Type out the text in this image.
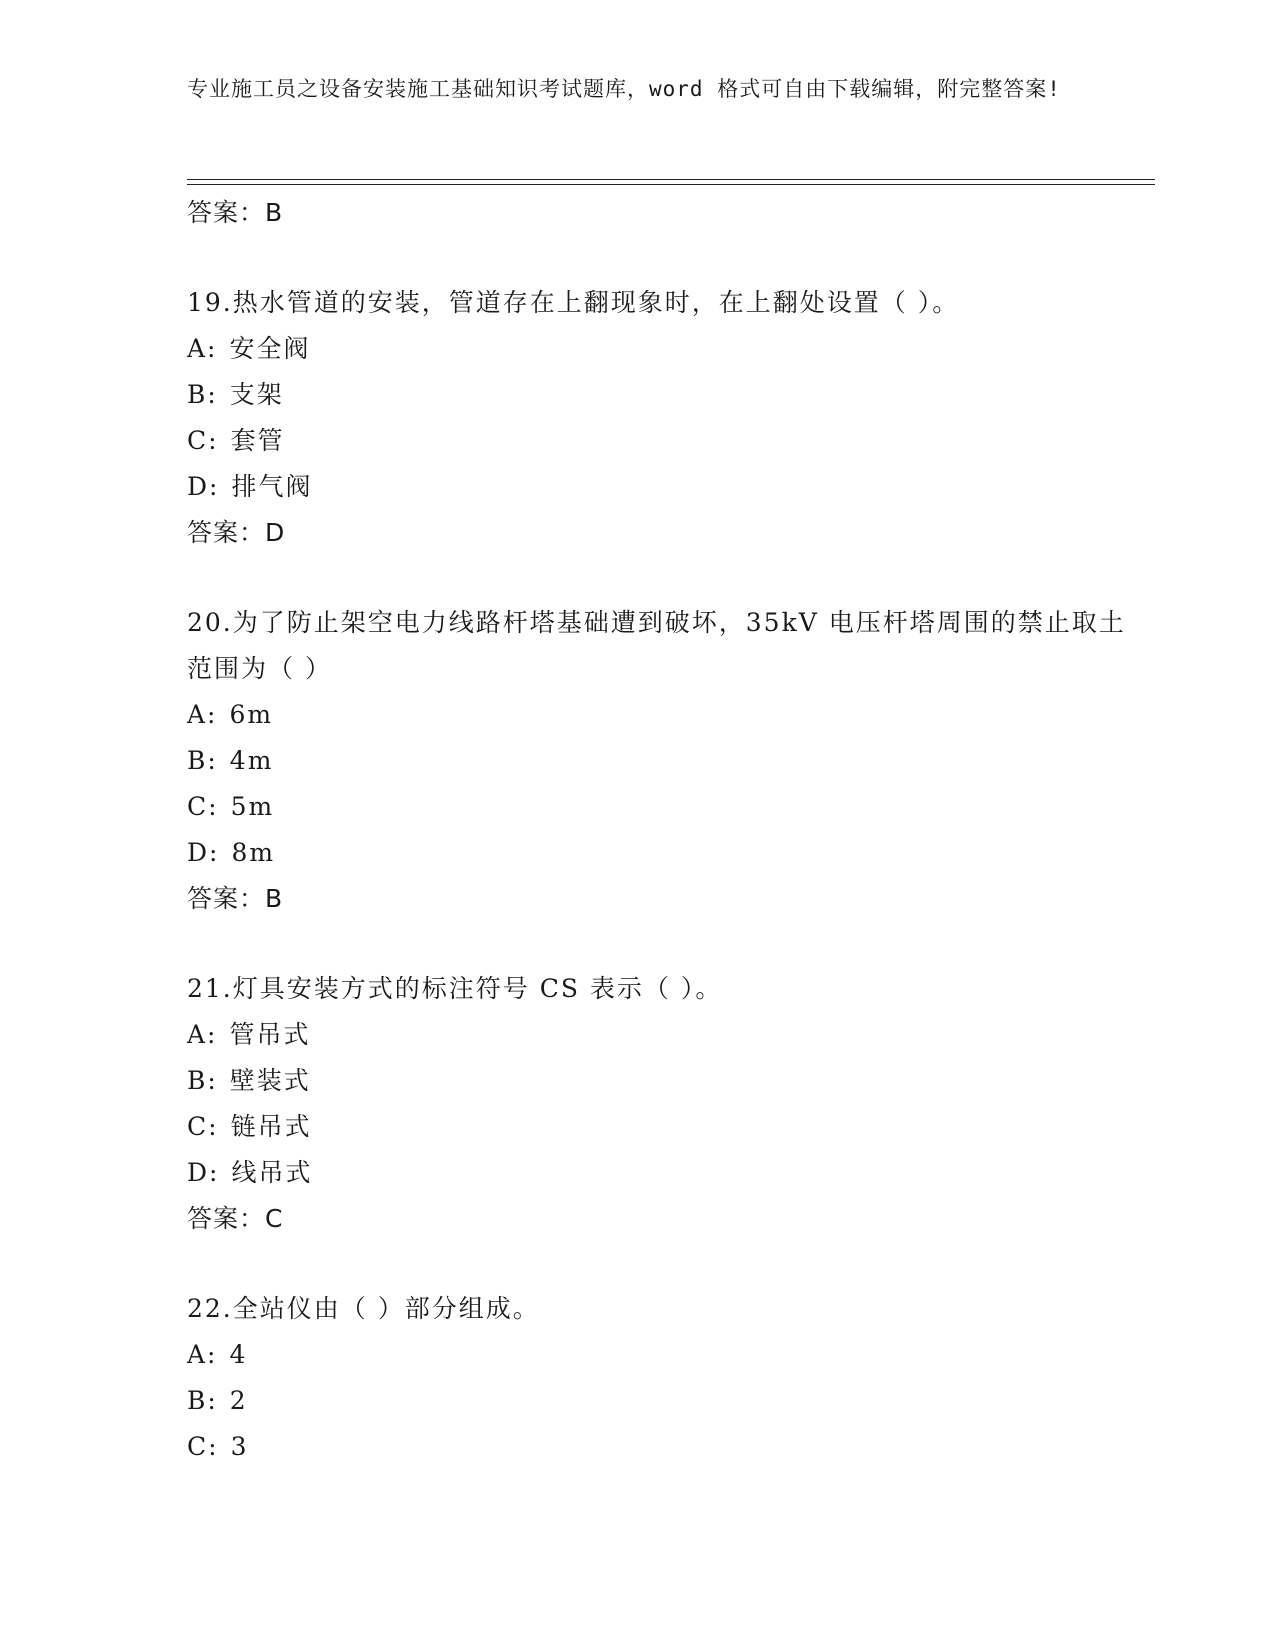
专业施工员之设备安装施工基础知识考试题库，word 格式可自由下载编辑，附完整答案!
答案：B
19.热水管道的安装，管道存在上翻现象时，在上翻处设置（ ）。
A: 安全阀
B: 支架
C: 套管
D: 排气阀
答案：D
20.为了防止架空电力线路杆塔基础遭到破坏，35kV 电压杆塔周围的禁止取土范围为（ ）
A: 6m
B: 4m
C: 5m
D: 8m
答案：B
21.灯具安装方式的标注符号 CS 表示（ ）。
A: 管吊式
B: 壁装式
C: 链吊式
D: 线吊式
答案：C
22.全站仪由（ ）部分组成。
A: 4
B: 2
C: 3
